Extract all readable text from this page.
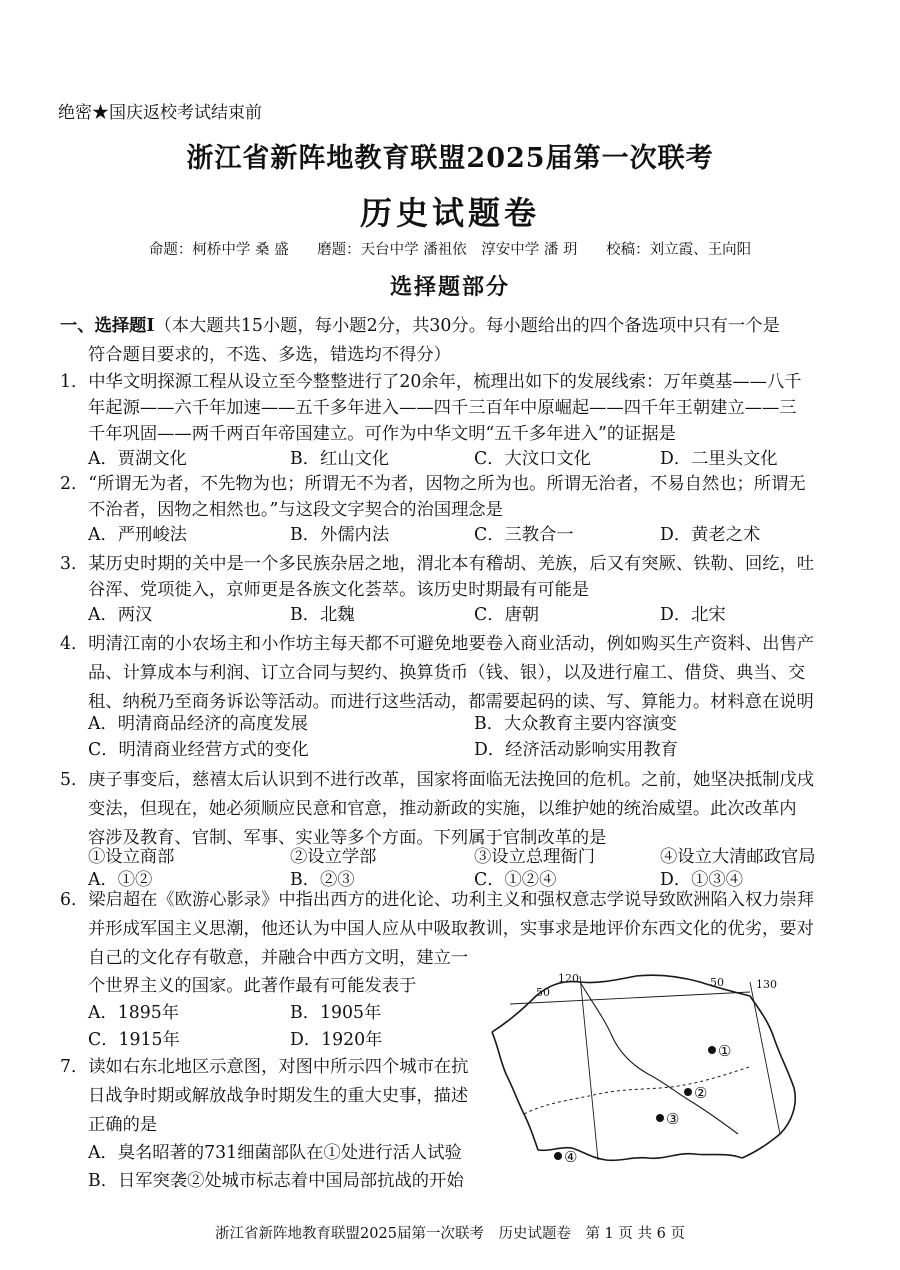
绝密★国庆返校考试结束前
浙江省新阵地教育联盟2025届第一次联考
历史试题卷
命题：柯桥中学 桑 盛 磨题：天台中学 潘祖依　淳安中学 潘 玥 校稿：刘立霞、王向阳
选择题部分
一、选择题Ⅰ（本大题共15小题，每小题2分，共30分。每小题给出的四个备选项中只有一个是
符合题目要求的，不选、多选，错选均不得分）
1．中华文明探源工程从设立至今整整进行了20余年，梳理出如下的发展线索：万年奠基——八千
年起源——六千年加速——五千多年进入——四千三百年中原崛起——四千年王朝建立——三
千年巩固——两千两百年帝国建立。可作为中华文明“五千多年进入”的证据是
A．贾湖文化	B．红山文化	C．大汶口文化	D．二里头文化
2．“所谓无为者，不先物为也；所谓无不为者，因物之所为也。所谓无治者，不易自然也；所谓无
不治者，因物之相然也。”与这段文字契合的治国理念是
A．严刑峻法	B．外儒内法	C．三教合一	D．黄老之术
3．某历史时期的关中是一个多民族杂居之地，渭北本有稽胡、羌族，后又有突厥、铁勒、回纥，吐
谷浑、党项徙入，京师更是各族文化荟萃。该历史时期最有可能是
A．两汉	B．北魏	C．唐朝	D．北宋
4．明清江南的小农场主和小作坊主每天都不可避免地要卷入商业活动，例如购买生产资料、出售产
品、计算成本与利润、订立合同与契约、换算货币（钱、银），以及进行雇工、借贷、典当、交
租、纳税乃至商务诉讼等活动。而进行这些活动，都需要起码的读、写、算能力。材料意在说明
A．明清商品经济的高度发展	B．大众教育主要内容演变
C．明清商业经营方式的变化	D．经济活动影响实用教育
5．庚子事变后，慈禧太后认识到不进行改革，国家将面临无法挽回的危机。之前，她坚决抵制戊戌
变法，但现在，她必须顺应民意和官意，推动新政的实施，以维护她的统治威望。此次改革内
容涉及教育、官制、军事、实业等多个方面。下列属于官制改革的是
①设立商部	②设立学部	③设立总理衙门	④设立大清邮政官局
A．①②	B．②③	C．①②④	D．①③④
6．梁启超在《欧游心影录》中指出西方的进化论、功利主义和强权意志学说导致欧洲陷入权力崇拜
并形成军国主义思潮，他还认为中国人应从中吸取教训，实事求是地评价东西文化的优劣，要对
自己的文化存有敬意，并融合中西方文明，建立一
个世界主义的国家。此著作最有可能发表于
A．1895年	B．1905年
C．1915年	D．1920年
7．读如右东北地区示意图，对图中所示四个城市在抗
日战争时期或解放战争时期发生的重大史事，描述
正确的是
120	130
50
50
①
②
③
④
A．臭名昭著的731细菌部队在①处进行活人试验
浙江省新阵地教育联盟2025届第一次联考　历史试题卷　第 1 页 共 6 页
B．日军突袭②处城市标志着中国局部抗战的开始
